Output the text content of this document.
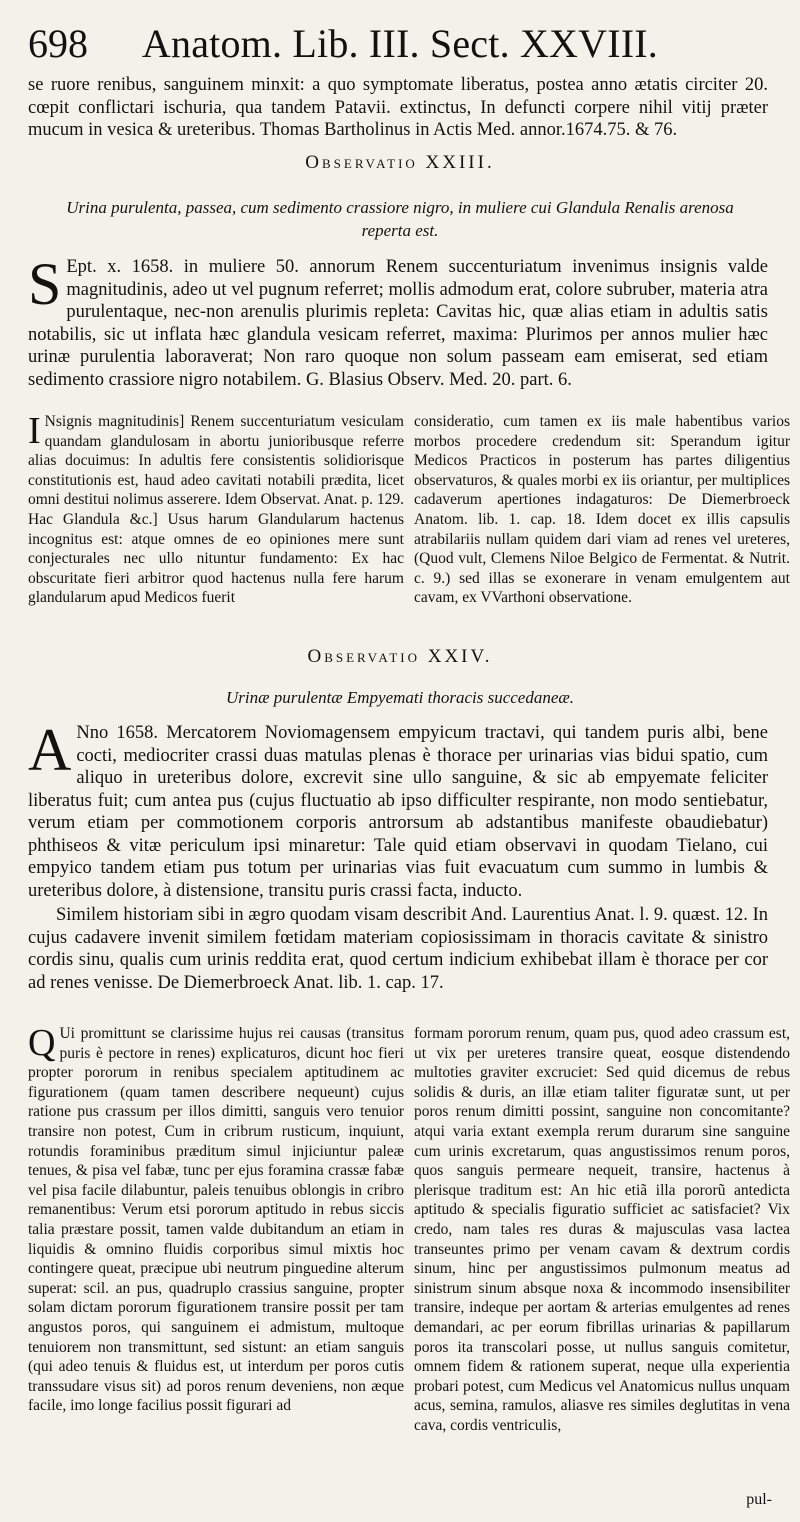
698 Anatom. Lib. III. Sect. XXVIII.

se ruore renibus, sanguinem minxit: a quo symptomate liberatus, postea anno ætatis circiter 20. cœpit conflictari ischuria, qua tandem Patavii. extinctus, In defuncti corpere nihil vitij præter mucum in vesica & ureteribus. Thomas Bartholinus in Actis Med. annor.1674.75. & 76.

Observatio XXIII.
Urina purulenta, passea, cum sedimento crassiore nigro, in muliere cui Glandula Renalis arenosa reperta est.

S Ept. x. 1658. in muliere 50. annorum Renem succenturiatum invenimus insignis valde magnitudinis, adeo ut vel pugnum referret; mollis admodum erat, colore subruber, materia atra purulentaque, nec-non arenulis plurimis repleta: Cavitas hic, quæ alias etiam in adultis satis notabilis, sic ut inflata hæc glandula vesicam referret, maxima: Plurimos per annos mulier hæc urinæ purulentia laboraverat; Non raro quoque non solum passeam eam emiserat, sed etiam sedimento crassiore nigro notabilem. G. Blasius Observ. Med. 20. part. 6.

I Nsignis magnitudinis] Renem succenturiatum vesiculam quandam glandulosam in abortu junioribusque referre alias docuimus: In adultis fere consistentis solidiorisque constitutionis est, haud adeo cavitati notabili prædita, licet omni destitui nolimus asserere. Idem Observat. Anat. p. 129. Hac Glandula &c.] Usus harum Glandularum hactenus incognitus est: atque omnes de eo opiniones mere sunt conjecturales nec ullo nituntur fundamento: Ex hac obscuritate fieri arbitror quod hactenus nulla fere harum glandularum apud Medicos fuerit
consideratio, cum tamen ex iis male habentibus varios morbos procedere credendum sit: Sperandum igitur Medicos Practicos in posterum has partes diligentius observaturos, & quales morbi ex iis oriantur, per multiplices cadaverum apertiones indagaturos: De Diemerbroeck Anatom. lib. 1. cap. 18. Idem docet ex illis capsulis atrabilariis nullam quidem dari viam ad renes vel ureteres, (Quod vult, Clemens Niloe Belgico de Fermentat. & Nutrit. c. 9.) sed illas se exonerare in venam emulgentem aut cavam, ex VVarthoni observatione.
Observatio XXIV.
Urinæ purulentæ Empyemati thoracis succedaneæ.

A Nno 1658. Mercatorem Noviomagensem empyicum tractavi, qui tandem puris albi, bene cocti, mediocriter crassi duas matulas plenas è thorace per urinarias vias bidui spatio, cum aliquo in ureteribus dolore, excrevit sine ullo sanguine, & sic ab empyemate feliciter liberatus fuit; cum antea pus (cujus fluctuatio ab ipso difficulter respirante, non modo sentiebatur, verum etiam per commotionem corporis antrorsum ab adstantibus manifeste obaudiebatur) phthiseos & vitæ periculum ipsi minaretur: Tale quid etiam observavi in quodam Tielano, cui empyico tandem etiam pus totum per urinarias vias fuit evacuatum cum summo in lumbis & ureteribus dolore, à distensione, transitu puris crassi facta, inducto.

Similem historiam sibi in ægro quodam visam describit And. Laurentius Anat. l. 9. quæst. 12. In cujus cadavere invenit similem fœtidam materiam copiosissimam in thoracis cavitate & sinistro cordis sinu, qualis cum urinis reddita erat, quod certum indicium exhibebat illam è thorace per cor ad renes venisse. De Diemerbroeck Anat. lib. 1. cap. 17.

Q Ui promittunt se clarissime hujus rei causas (transitus puris è pectore in renes) explicaturos, dicunt hoc fieri propter pororum in renibus specialem aptitudinem ac figurationem (quam tamen describere nequeunt) cujus ratione pus crassum per illos dimitti, sanguis vero tenuior transire non potest, Cum in cribrum rusticum, inquiunt, rotundis foraminibus præditum simul injiciuntur paleæ tenues, & pisa vel fabæ, tunc per ejus foramina crassæ fabæ vel pisa facile dilabuntur, paleis tenuibus oblongis in cribro remanentibus: Verum etsi pororum aptitudo in rebus siccis talia præstare possit, tamen valde dubitandum an etiam in liquidis & omnino fluidis corporibus simul mixtis hoc contingere queat, præcipue ubi neutrum pinguedine alterum superat: scil. an pus, quadruplo crassius sanguine, propter solam dictam pororum figurationem transire possit per tam angustos poros, qui sanguinem ei admistum, multoque tenuiorem non transmittunt, sed sistunt: an etiam sanguis (qui adeo tenuis & fluidus est, ut interdum per poros cutis transsudare visus sit) ad poros renum deveniens, non æque facile, imo longe facilius possit figurari ad
formam pororum renum, quam pus, quod adeo crassum est, ut vix per ureteres transire queat, eosque distendendo multoties graviter excruciet: Sed quid dicemus de rebus solidis & duris, an illæ etiam taliter figuratæ sunt, ut per poros renum dimitti possint, sanguine non concomitante? atqui varia extant exempla rerum durarum sine sanguine cum urinis excretarum, quas angustissimos renum poros, quos sanguis permeare nequeit, transire, hactenus à plerisque traditum est: An hic etiã illa pororũ antedicta aptitudo & specialis figuratio sufficiet ac satisfaciet? Vix credo, nam tales res duras & majusculas vasa lactea transeuntes primo per venam cavam & dextrum cordis sinum, hinc per angustissimos pulmonum meatus ad sinistrum sinum absque noxa & incommodo insensibiliter transire, indeque per aortam & arterias emulgentes ad renes demandari, ac per eorum fibrillas urinarias & papillarum poros ita transcolari posse, ut nullus sanguis comitetur, omnem fidem & rationem superat, neque ulla experientia probari potest, cum Medicus vel Anatomicus nullus unquam acus, semina, ramulos, aliasve res similes deglutitas in vena cava, cordis ventriculis,
pul-
